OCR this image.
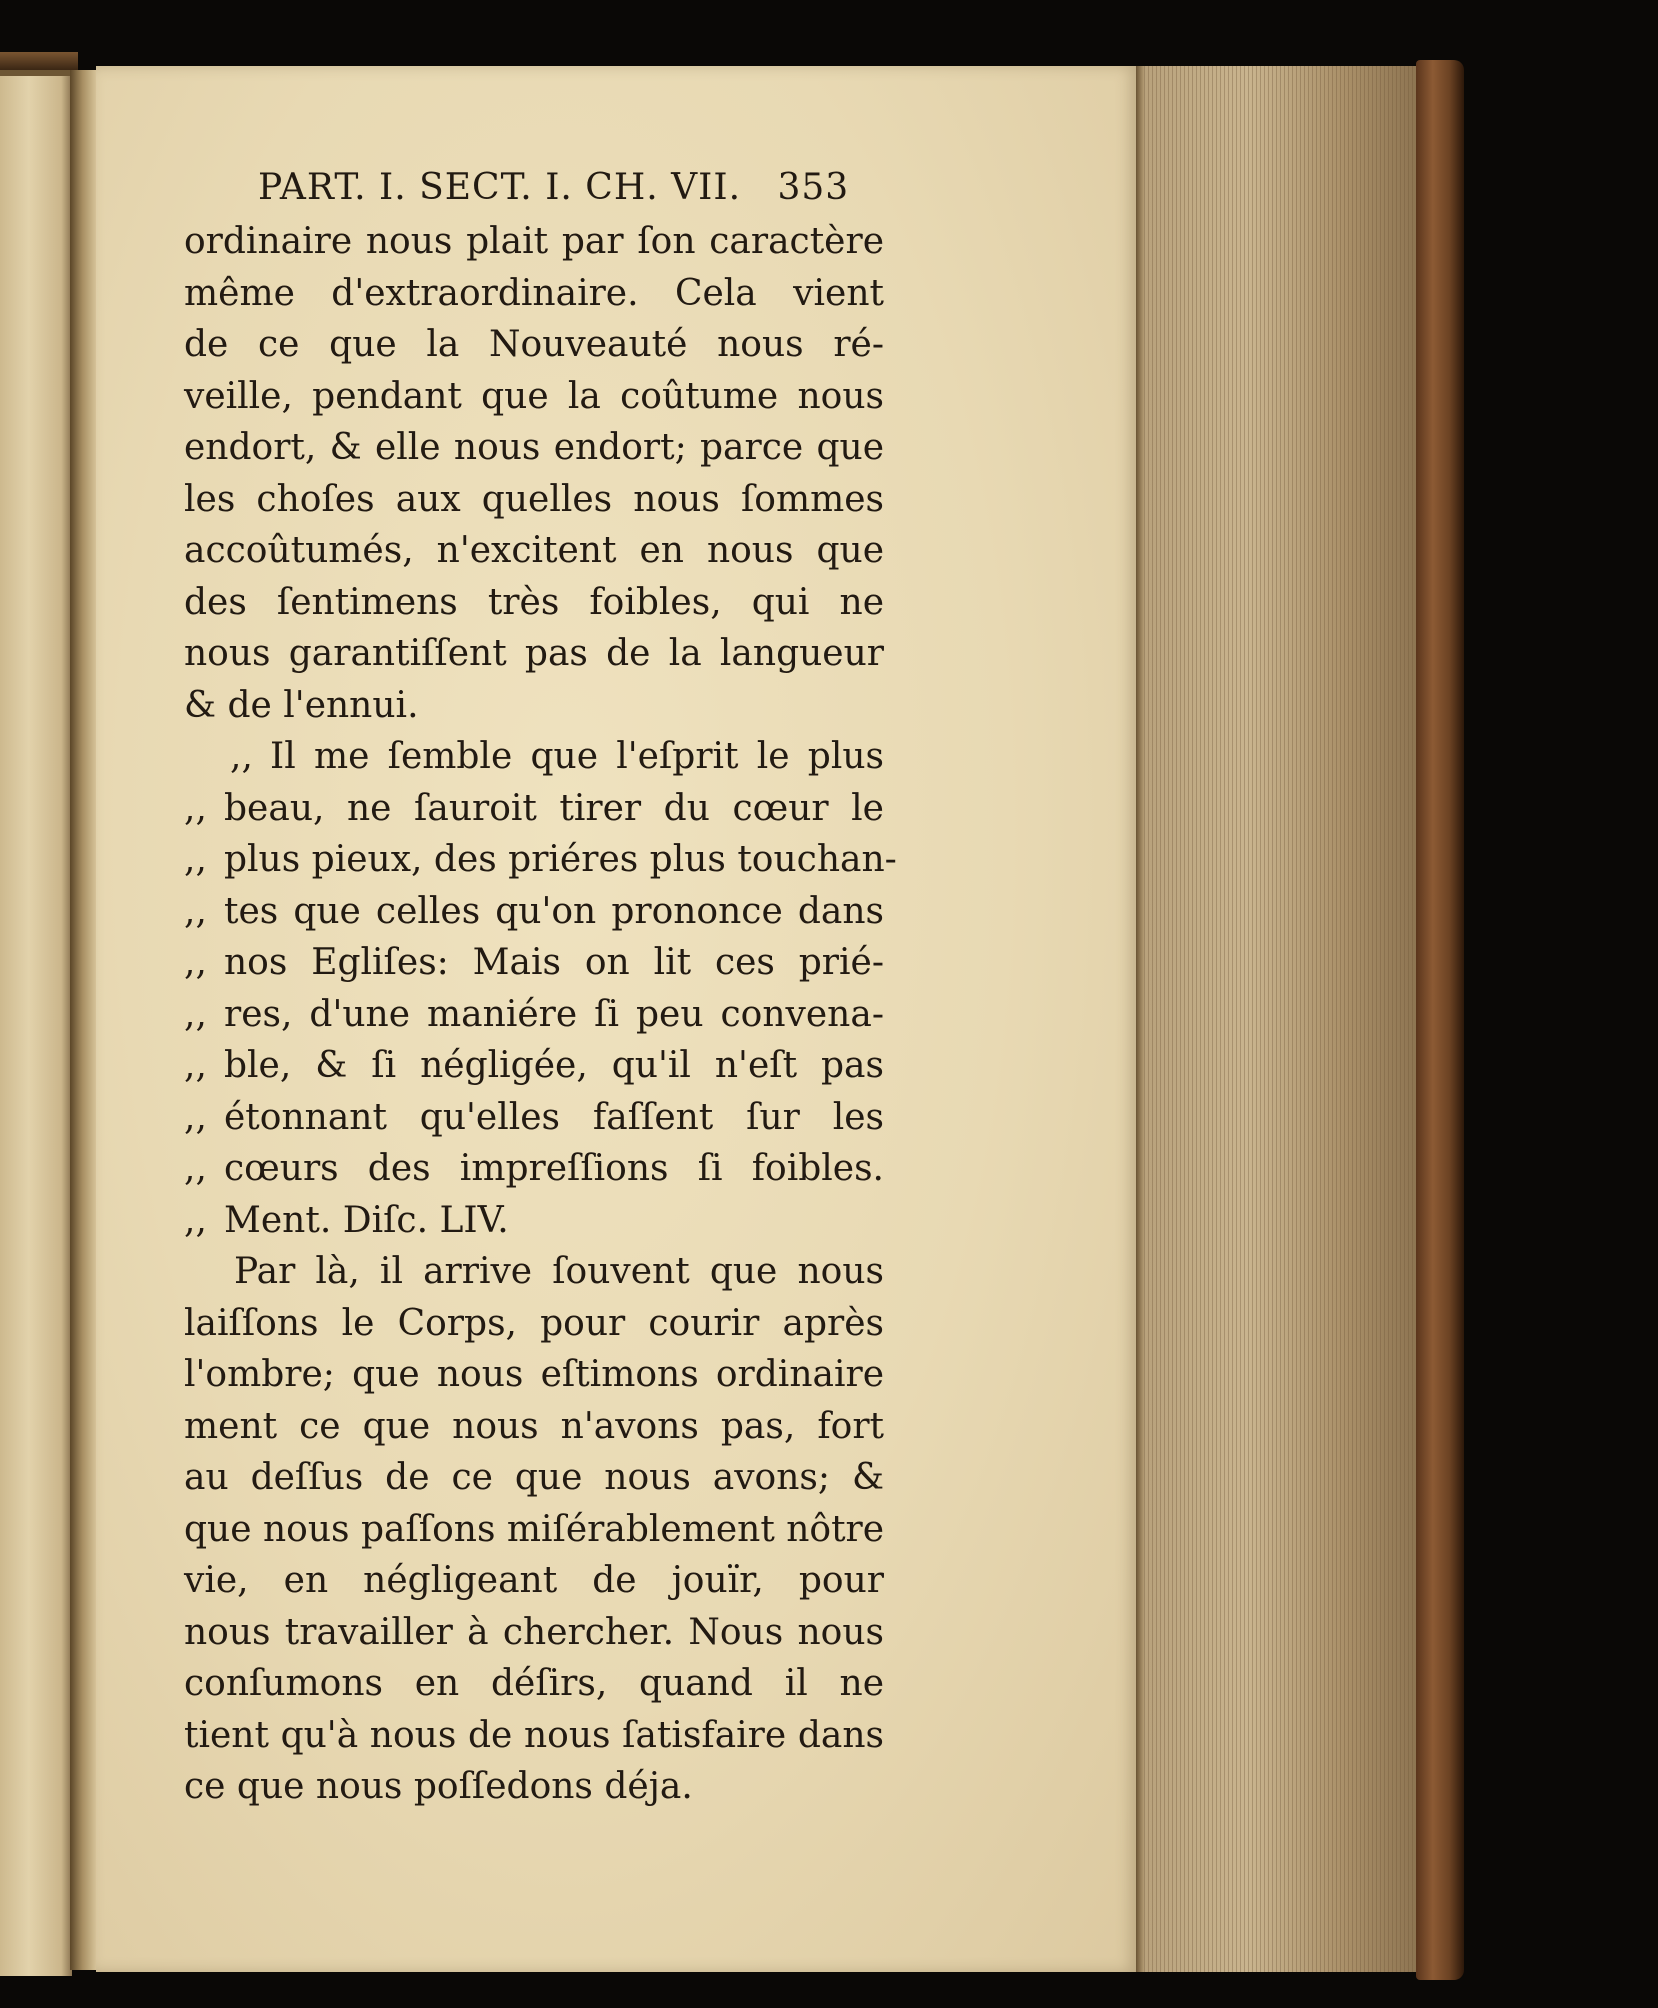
PART. I. SECT. I. CH. VII. 353
ordinaire nous plait par ſon caractère
même d'extraordinaire. Cela vient
de ce que la Nouveauté nous ré-
veille, pendant que la coûtume nous
endort, & elle nous endort; parce que
les choſes aux quelles nous ſommes
accoûtumés, n'excitent en nous que
des ſentimens très foibles, qui ne
nous garantiſſent pas de la langueur
& de l'ennui.
,, Il me ſemble que l'eſprit le plus
,, beau, ne ſauroit tirer du cœur le
,, plus pieux, des priéres plus touchan-
,, tes que celles qu'on prononce dans
,, nos Egliſes: Mais on lit ces prié-
,, res, d'une maniére ſi peu convena-
,, ble, & ſi négligée, qu'il n'eſt pas
,, étonnant qu'elles faſſent ſur les
,, cœurs des impreſſions ſi foibles.
,, Ment. Diſc. LIV.
Par là, il arrive ſouvent que nous
laiſſons le Corps, pour courir après
l'ombre; que nous eſtimons ordinaire
ment ce que nous n'avons pas, fort
au deſſus de ce que nous avons; &
que nous paſſons miſérablement nôtre
vie, en négligeant de jouïr, pour
nous travailler à chercher. Nous nous
conſumons en déſirs, quand il ne
tient qu'à nous de nous ſatisfaire dans
ce que nous poſſedons déja.
